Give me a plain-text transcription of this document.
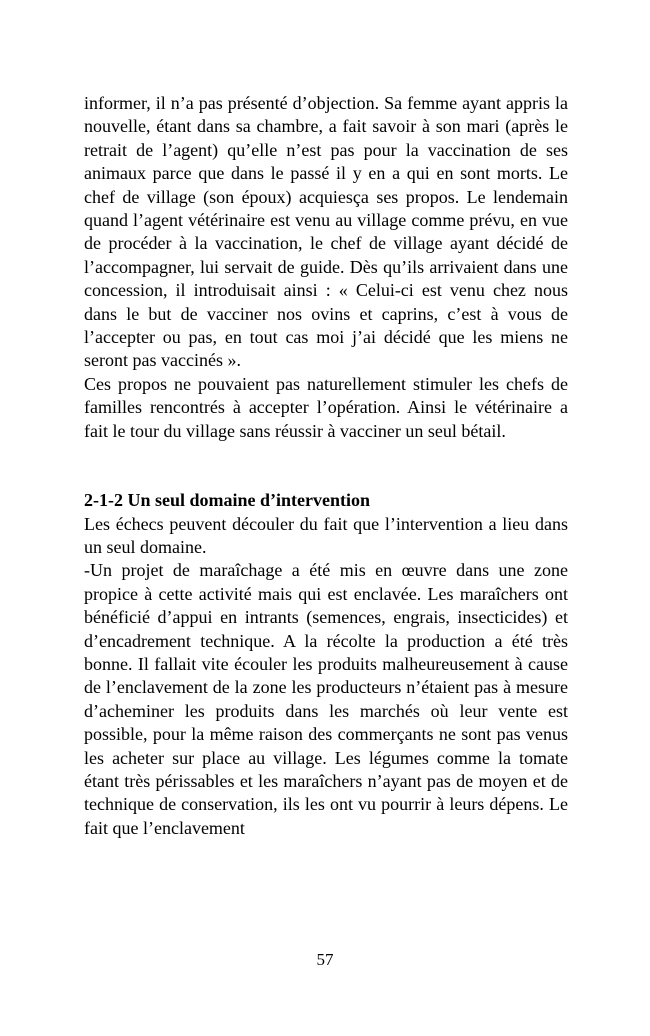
informer, il n’a pas présenté d’objection. Sa femme ayant appris la nouvelle, étant dans sa chambre, a fait savoir à son mari (après le retrait de l’agent) qu’elle n’est pas pour la vaccination de ses animaux parce que dans le passé il y en a qui en sont morts. Le chef de village (son époux) acquiesça ses propos. Le lendemain quand l’agent vétérinaire est venu au village comme prévu, en vue de procéder à la vaccination, le chef de village ayant décidé de l’accompagner, lui servait de guide. Dès qu’ils arrivaient dans une concession, il introduisait ainsi : « Celui-ci est venu chez nous dans le but de vacciner nos ovins et caprins, c’est à vous de l’accepter ou pas, en tout cas moi j’ai décidé que les miens ne seront pas vaccinés ».

Ces propos ne pouvaient pas naturellement stimuler les chefs de familles rencontrés à accepter l’opération. Ainsi le vétérinaire a fait le tour du village sans réussir à vacciner un seul bétail.

2-1-2 Un seul domaine d’intervention

Les échecs peuvent découler du fait que l’intervention a lieu dans un seul domaine.

-Un projet de maraîchage a été mis en œuvre dans une zone propice à cette activité mais qui est enclavée. Les maraîchers ont bénéficié d’appui en intrants (semences, engrais, insecticides) et d’encadrement technique. A la récolte la production a été très bonne. Il fallait vite écouler les produits malheureusement à cause de l’enclavement de la zone les producteurs n’étaient pas à mesure d’acheminer les produits dans les marchés où leur vente est possible, pour la même raison des commerçants ne sont pas venus les acheter sur place au village. Les légumes comme la tomate étant très périssables et les maraîchers n’ayant pas de moyen et de technique de conservation, ils les ont vu pourrir à leurs dépens. Le fait que l’enclavement

57
